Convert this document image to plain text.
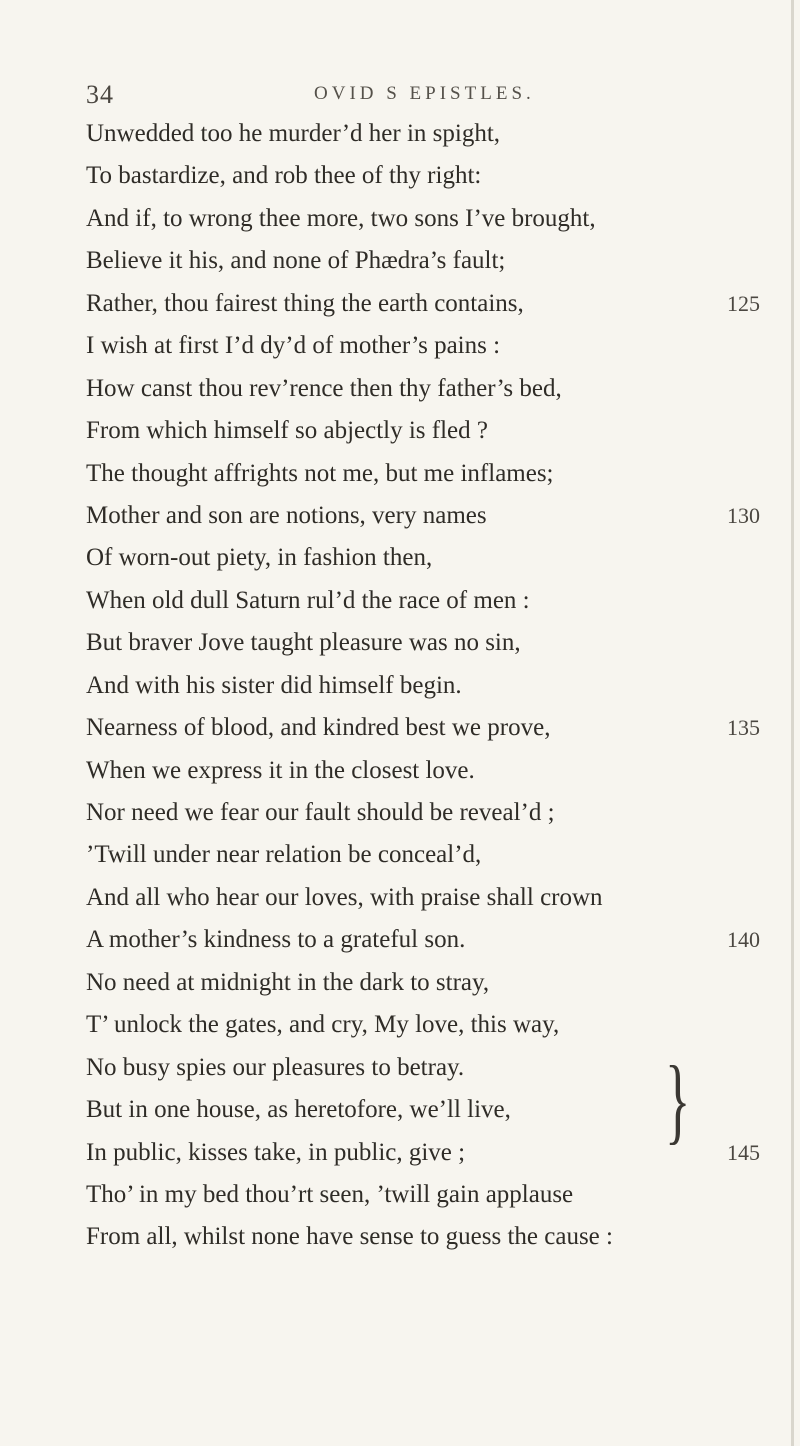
34	OVID S EPISTLES.
Unwedded too he murder’d her in spight,
To bastardize, and rob thee of thy right:
And if, to wrong thee more, two sons I’ve brought,
Believe it his, and none of Phædra’s fault;
Rather, thou fairest thing the earth contains,	125
I wish at first I’d dy’d of mother’s pains :
How canst thou rev’rence then thy father’s bed,
From which himself so abjectly is fled ?
The thought affrights not me, but me inflames;
Mother and son are notions, very names	130
Of worn-out piety, in fashion then,
When old dull Saturn rul’d the race of men :
But braver Jove taught pleasure was no sin,
And with his sister did himself begin.
Nearness of blood, and kindred best we prove,	135
When we express it in the closest love.
Nor need we fear our fault should be reveal’d ;
’Twill under near relation be conceal’d,
And all who hear our loves, with praise shall crown
A mother’s kindness to a grateful son.	140
No need at midnight in the dark to stray,
T’ unlock the gates, and cry, My love, this way,
No busy spies our pleasures to betray.
But in one house, as heretofore, we’ll live,
In public, kisses take, in public, give ;	145
Tho’ in my bed thou’rt seen, ’twill gain applause
From all, whilst none have sense to guess the cause :
}
